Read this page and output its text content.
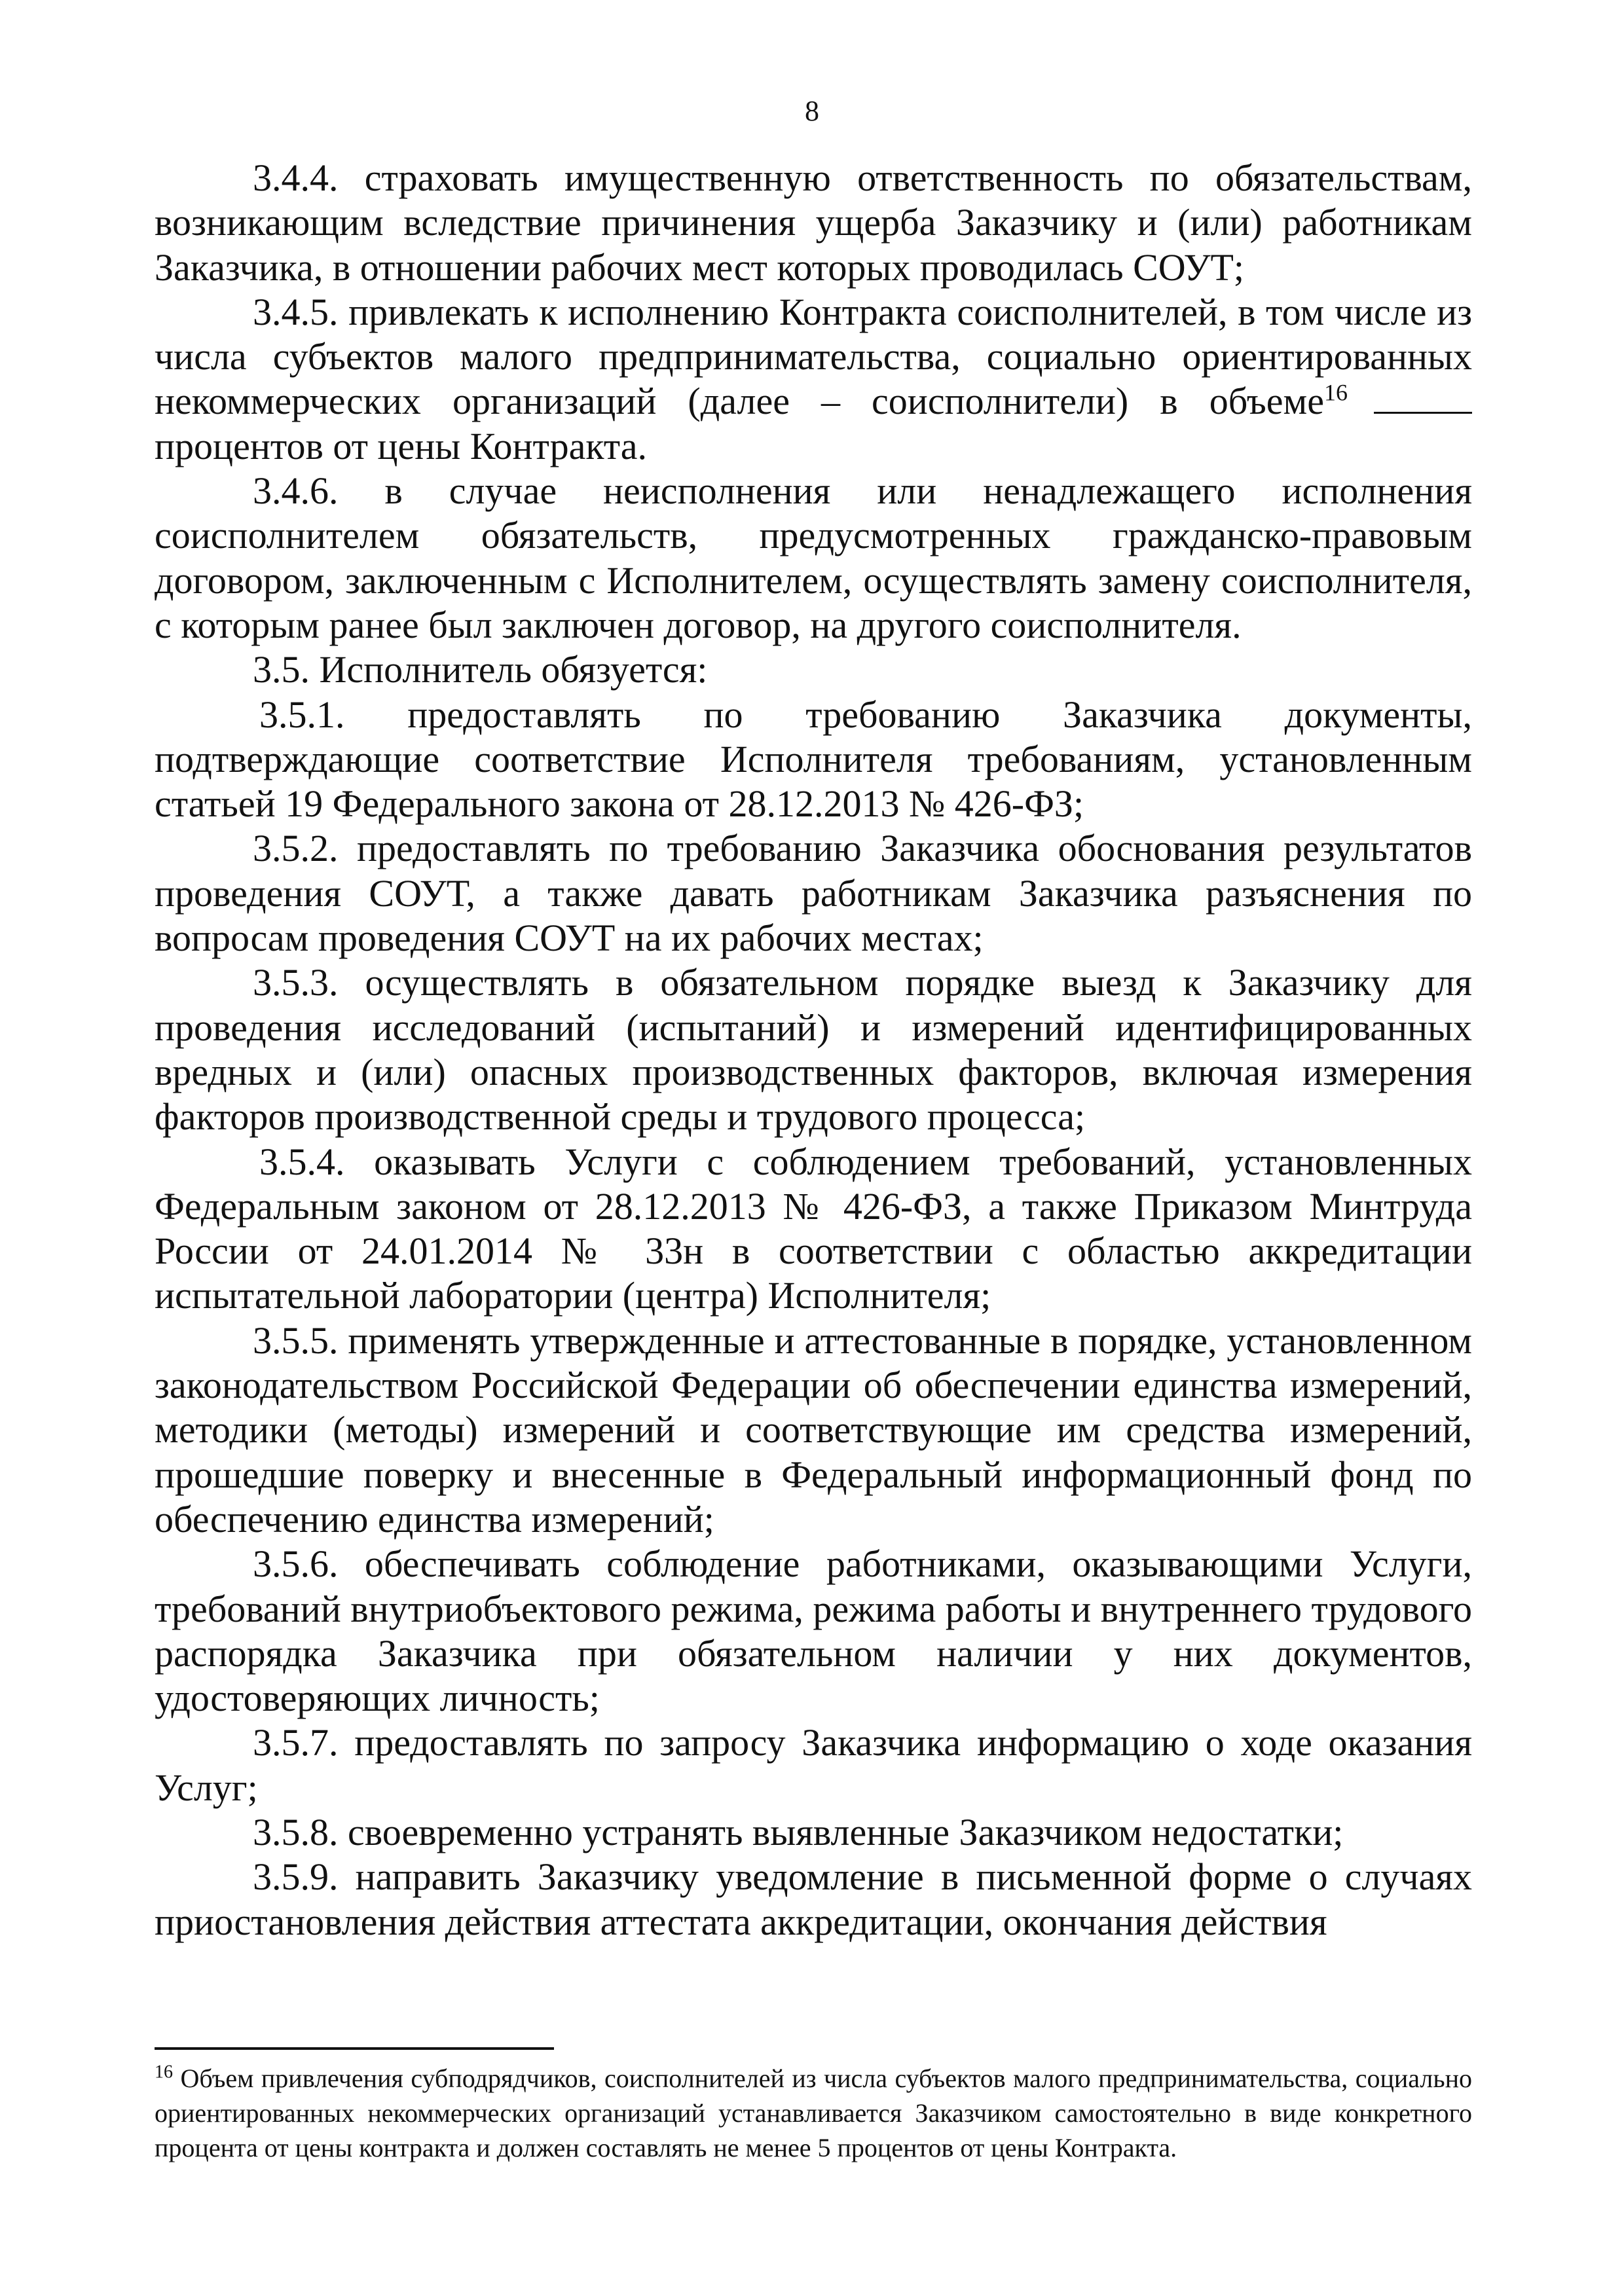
8

3.4.4. страховать имущественную ответственность по обязательствам, возникающим вследствие причинения ущерба Заказчику и (или) работникам Заказчика, в отношении рабочих мест которых проводилась СОУТ;

3.4.5. привлекать к исполнению Контракта соисполнителей, в том числе из числа субъектов малого предпринимательства, социально ориентированных некоммерческих организаций (далее – соисполнители) в объеме$^{16}$ процентов от цены Контракта.

3.4.6. в случае неисполнения или ненадлежащего исполнения соисполнителем обязательств, предусмотренных гражданско-правовым договором, заключенным с Исполнителем, осуществлять замену соисполнителя, с которым ранее был заключен договор, на другого соисполнителя.

3.5. Исполнитель обязуется:

3.5.1. предоставлять по требованию Заказчика документы, подтверждающие соответствие Исполнителя требованиям, установленным статьей 19 Федерального закона от 28.12.2013 № 426-ФЗ;

3.5.2. предоставлять по требованию Заказчика обоснования результатов проведения СОУТ, а также давать работникам Заказчика разъяснения по вопросам проведения СОУТ на их рабочих местах;

3.5.3. осуществлять в обязательном порядке выезд к Заказчику для проведения исследований (испытаний) и измерений идентифицированных вредных и (или) опасных производственных факторов, включая измерения факторов производственной среды и трудового процесса;

3.5.4. оказывать Услуги с соблюдением требований, установленных Федеральным законом от 28.12.2013 № 426-ФЗ, а также Приказом Минтруда России от 24.01.2014 № 33н в соответствии с областью аккредитации испытательной лаборатории (центра) Исполнителя;

3.5.5. применять утвержденные и аттестованные в порядке, установленном законодательством Российской Федерации об обеспечении единства измерений, методики (методы) измерений и соответствующие им средства измерений, прошедшие поверку и внесенные в Федеральный информационный фонд по обеспечению единства измерений;

3.5.6. обеспечивать соблюдение работниками, оказывающими Услуги, требований внутриобъектового режима, режима работы и внутреннего трудового распорядка Заказчика при обязательном наличии у них документов, удостоверяющих личность;

3.5.7. предоставлять по запросу Заказчика информацию о ходе оказания Услуг;

3.5.8. своевременно устранять выявленные Заказчиком недостатки;

3.5.9. направить Заказчику уведомление в письменной форме о случаях приостановления действия аттестата аккредитации, окончания действия

$^{16}$ Объем привлечения субподрядчиков, соисполнителей из числа субъектов малого предпринимательства, социально ориентированных некоммерческих организаций устанавливается Заказчиком самостоятельно в виде конкретного процента от цены контракта и должен составлять не менее 5 процентов от цены Контракта.
